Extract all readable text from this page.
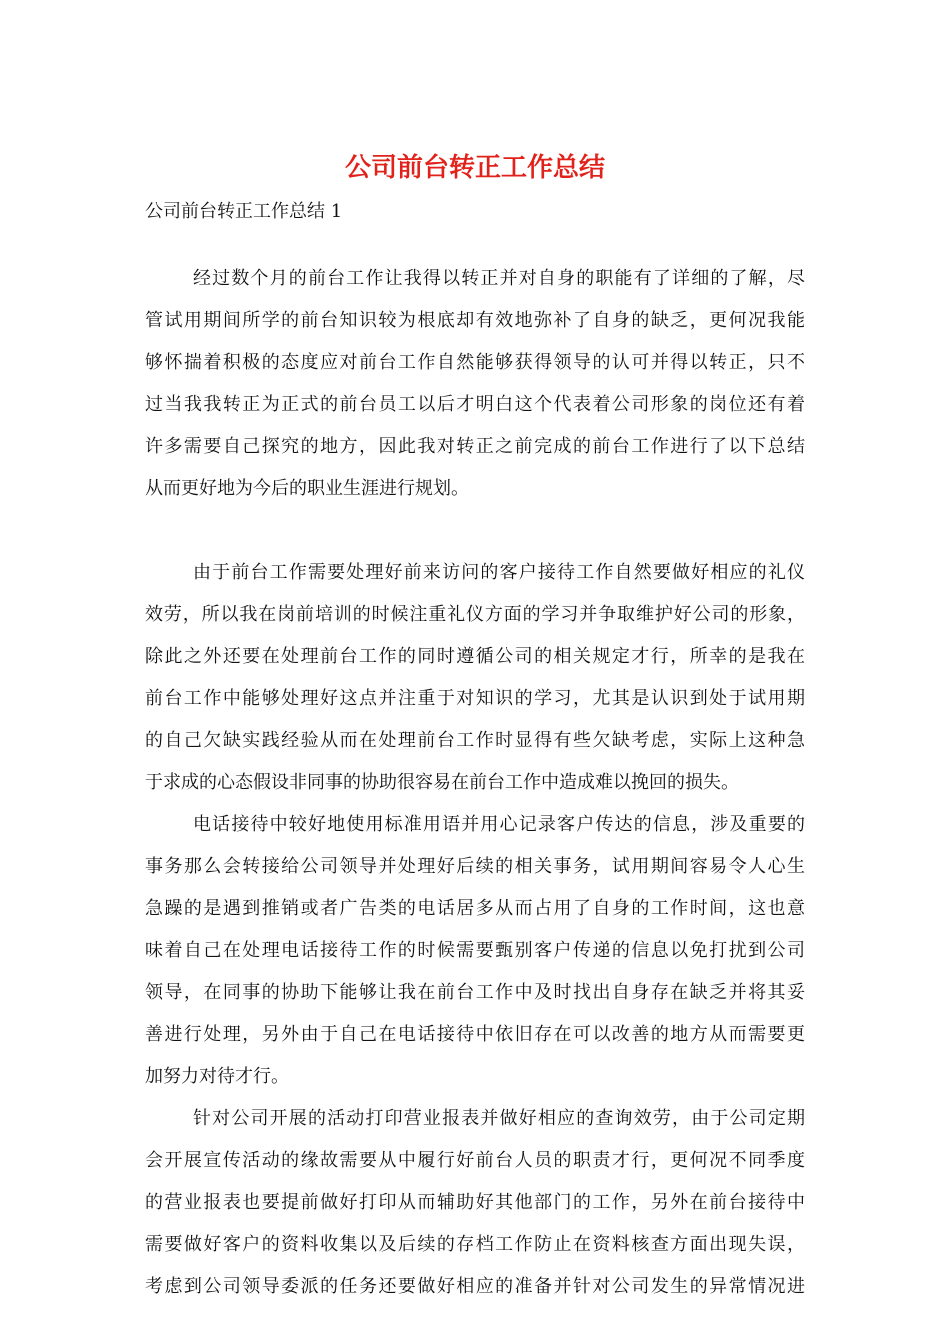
公司前台转正工作总结

公司前台转正工作总结 1

经过数个月的前台工作让我得以转正并对自身的职能有了详细的了解，尽

管试用期间所学的前台知识较为根底却有效地弥补了自身的缺乏，更何况我能

够怀揣着积极的态度应对前台工作自然能够获得领导的认可并得以转正，只不

过当我我转正为正式的前台员工以后才明白这个代表着公司形象的岗位还有着

许多需要自己探究的地方，因此我对转正之前完成的前台工作进行了以下总结

从而更好地为今后的职业生涯进行规划。

由于前台工作需要处理好前来访问的客户接待工作自然要做好相应的礼仪

效劳，所以我在岗前培训的时候注重礼仪方面的学习并争取维护好公司的形象，

除此之外还要在处理前台工作的同时遵循公司的相关规定才行，所幸的是我在

前台工作中能够处理好这点并注重于对知识的学习，尤其是认识到处于试用期

的自己欠缺实践经验从而在处理前台工作时显得有些欠缺考虑，实际上这种急

于求成的心态假设非同事的协助很容易在前台工作中造成难以挽回的损失。

电话接待中较好地使用标准用语并用心记录客户传达的信息，涉及重要的

事务那么会转接给公司领导并处理好后续的相关事务，试用期间容易令人心生

急躁的是遇到推销或者广告类的电话居多从而占用了自身的工作时间，这也意

味着自己在处理电话接待工作的时候需要甄别客户传递的信息以免打扰到公司

领导，在同事的协助下能够让我在前台工作中及时找出自身存在缺乏并将其妥

善进行处理，另外由于自己在电话接待中依旧存在可以改善的地方从而需要更

加努力对待才行。

针对公司开展的活动打印营业报表并做好相应的查询效劳，由于公司定期

会开展宣传活动的缘故需要从中履行好前台人员的职责才行，更何况不同季度

的营业报表也要提前做好打印从而辅助好其他部门的工作，另外在前台接待中

需要做好客户的资料收集以及后续的存档工作防止在资料核查方面出现失误，

考虑到公司领导委派的任务还要做好相应的准备并针对公司发生的异常情况进
